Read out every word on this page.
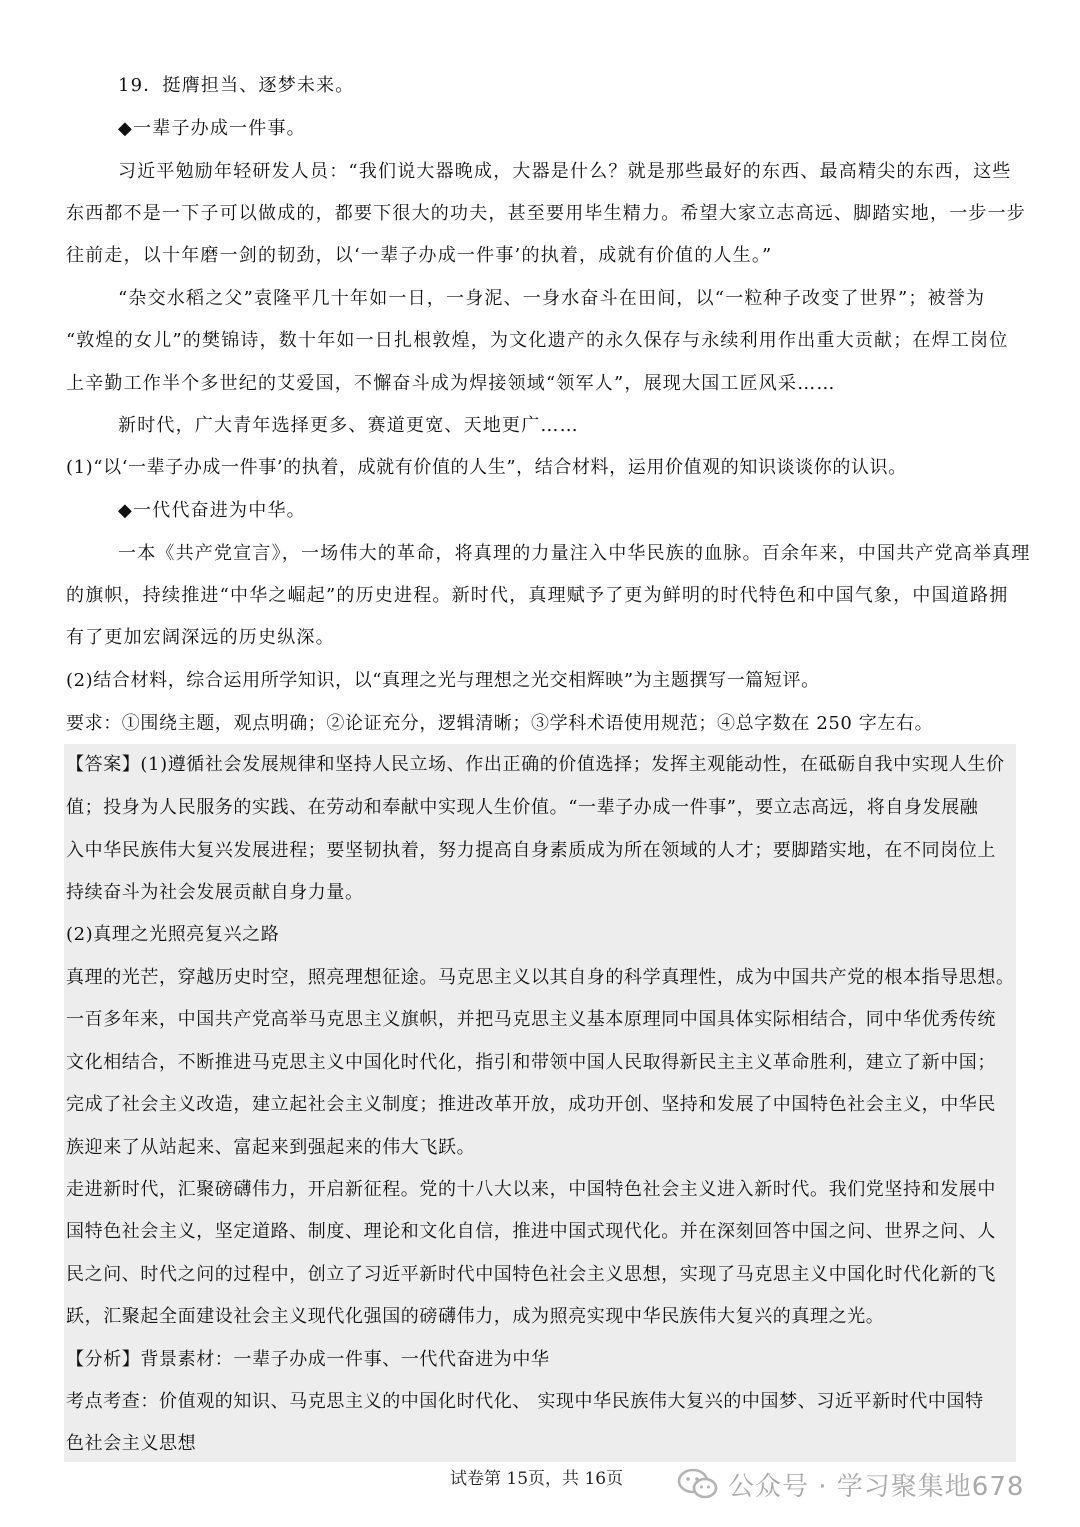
19．挺膺担当、逐梦未来。
◆一辈子办成一件事。
习近平勉励年轻研发人员：“我们说大器晚成，大器是什么？就是那些最好的东西、最高精尖的东西，这些
东西都不是一下子可以做成的，都要下很大的功夫，甚至要用毕生精力。希望大家立志高远、脚踏实地，一步一步
往前走，以十年磨一剑的韧劲，以‘一辈子办成一件事’的执着，成就有价值的人生。”
“杂交水稻之父”袁隆平几十年如一日，一身泥、一身水奋斗在田间，以“一粒种子改变了世界”；被誉为
“敦煌的女儿”的樊锦诗，数十年如一日扎根敦煌，为文化遗产的永久保存与永续利用作出重大贡献；在焊工岗位
上辛勤工作半个多世纪的艾爱国，不懈奋斗成为焊接领域“领军人”，展现大国工匠风采……
新时代，广大青年选择更多、赛道更宽、天地更广……
(1)“以‘一辈子办成一件事’的执着，成就有价值的人生”，结合材料，运用价值观的知识谈谈你的认识。
◆一代代奋进为中华。
一本《共产党宣言》，一场伟大的革命，将真理的力量注入中华民族的血脉。百余年来，中国共产党高举真理
的旗帜，持续推进“中华之崛起”的历史进程。新时代，真理赋予了更为鲜明的时代特色和中国气象，中国道路拥
有了更加宏阔深远的历史纵深。
(2)结合材料，综合运用所学知识，以“真理之光与理想之光交相辉映”为主题撰写一篇短评。
要求：①围绕主题，观点明确；②论证充分，逻辑清晰；③学科术语使用规范；④总字数在 250 字左右。
【答案】(1)遵循社会发展规律和坚持人民立场、作出正确的价值选择；发挥主观能动性，在砥砺自我中实现人生价
值；投身为人民服务的实践、在劳动和奉献中实现人生价值。“一辈子办成一件事”，要立志高远，将自身发展融
入中华民族伟大复兴发展进程；要坚韧执着，努力提高自身素质成为所在领域的人才；要脚踏实地，在不同岗位上
持续奋斗为社会发展贡献自身力量。
(2)真理之光照亮复兴之路
真理的光芒，穿越历史时空，照亮理想征途。马克思主义以其自身的科学真理性，成为中国共产党的根本指导思想。
一百多年来，中国共产党高举马克思主义旗帜，并把马克思主义基本原理同中国具体实际相结合，同中华优秀传统
文化相结合，不断推进马克思主义中国化时代化，指引和带领中国人民取得新民主主义革命胜利，建立了新中国；
完成了社会主义改造，建立起社会主义制度；推进改革开放，成功开创、坚持和发展了中国特色社会主义，中华民
族迎来了从站起来、富起来到强起来的伟大飞跃。
走进新时代，汇聚磅礴伟力，开启新征程。党的十八大以来，中国特色社会主义进入新时代。我们党坚持和发展中
国特色社会主义，坚定道路、制度、理论和文化自信，推进中国式现代化。并在深刻回答中国之问、世界之问、人
民之问、时代之问的过程中，创立了习近平新时代中国特色社会主义思想，实现了马克思主义中国化时代化新的飞
跃，汇聚起全面建设社会主义现代化强国的磅礴伟力，成为照亮实现中华民族伟大复兴的真理之光。
【分析】背景素材：一辈子办成一件事、一代代奋进为中华
考点考查：价值观的知识、马克思主义的中国化时代化、 实现中华民族伟大复兴的中国梦、习近平新时代中国特
色社会主义思想
试卷第 15页，共 16页	公众号 · 学习聚集地678
